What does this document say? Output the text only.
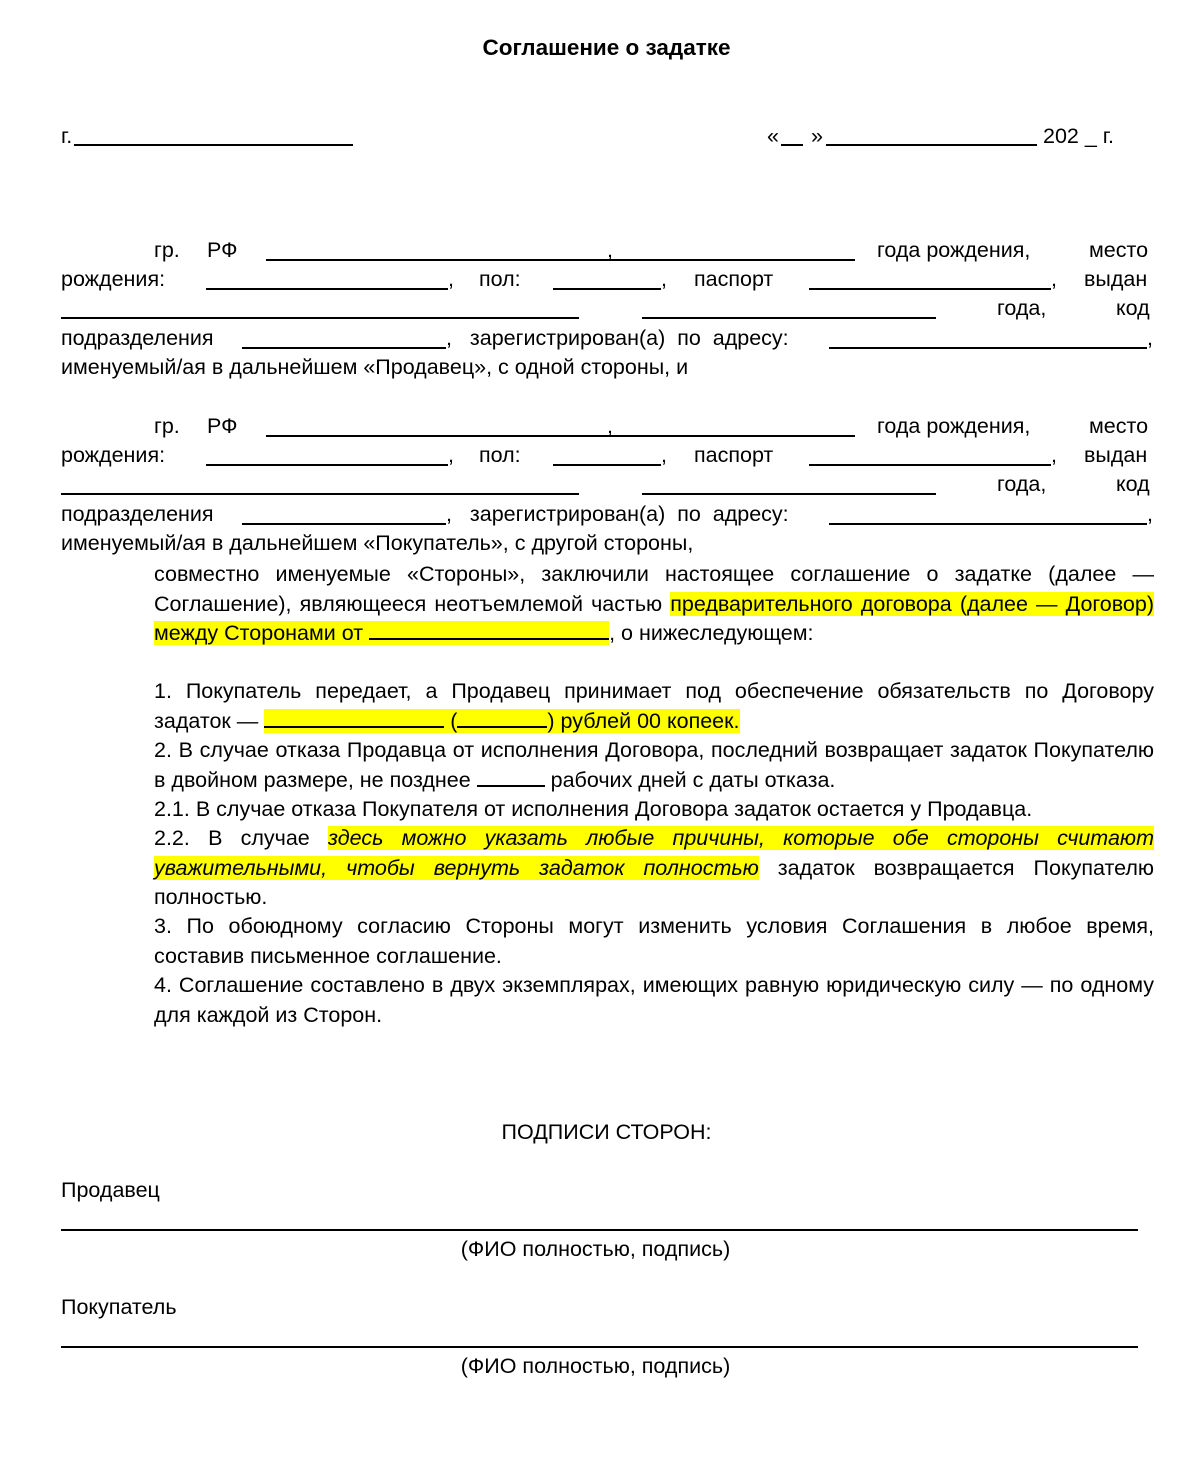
Соглашение о задатке
г.	« »	202 _ г.
гр. РФ	,	года рождения,	место
рождения:	, пол:	, паспорт	, выдан
года,	код
подразделения	,   зарегистрирован(а)  по  адресу:	,
именуемый/ая в дальнейшем «Продавец», с одной стороны, и
гр. РФ	,	года рождения,	место
рождения:	, пол:	, паспорт	, выдан
года,	код
подразделения	,   зарегистрирован(а)  по  адресу:	,
именуемый/ая в дальнейшем «Покупатель», с другой стороны,
совместно именуемые «Стороны», заключили настоящее соглашение о задатке (далее — Соглашение), являющееся неотъемлемой частью предварительного договора (далее — Договор) между Сторонами от	, о нижеследующем:
1. Покупатель передает, а Продавец принимает под обеспечение обязательств по Договору задаток —	(	) рублей 00 копеек.
2. В случае отказа Продавца от исполнения Договора, последний возвращает задаток Покупателю в двойном размере, не позднее	рабочих дней с даты отказа.
2.1. В случае отказа Покупателя от исполнения Договора задаток остается у Продавца.
2.2. В случае здесь можно указать любые причины, которые обе стороны считают уважительными, чтобы вернуть задаток полностью задаток возвращается Покупателю полностью.
3. По обоюдному согласию Стороны могут изменить условия Соглашения в любое время, составив письменное соглашение.
4. Соглашение составлено в двух экземплярах, имеющих равную юридическую силу — по одному для каждой из Сторон.
ПОДПИСИ СТОРОН:
Продавец
(ФИО полностью, подпись)
Покупатель
(ФИО полностью, подпись)
